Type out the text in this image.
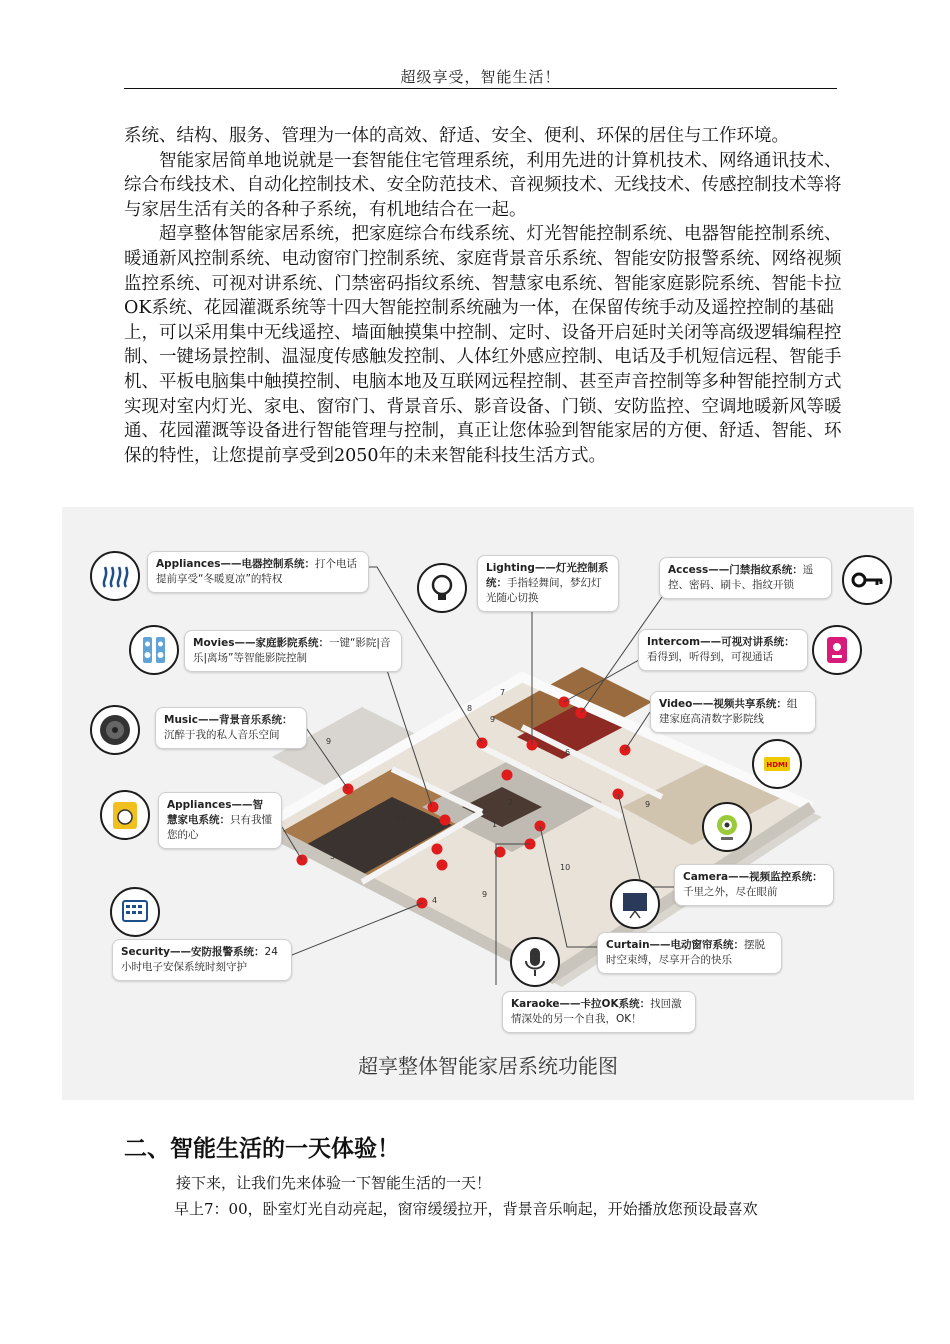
超级享受，智能生活！

系统、结构、服务、管理为一体的高效、舒适、安全、便利、环保的居住与工作环境。

智能家居简单地说就是一套智能住宅管理系统，利用先进的计算机技术、网络通讯技术、综合布线技术、自动化控制技术、安全防范技术、音视频技术、无线技术、传感控制技术等将与家居生活有关的各种子系统，有机地结合在一起。

超享整体智能家居系统，把家庭综合布线系统、灯光智能控制系统、电器智能控制系统、暖通新风控制系统、电动窗帘门控制系统、家庭背景音乐系统、智能安防报警系统、网络视频监控系统、可视对讲系统、门禁密码指纹系统、智慧家电系统、智能家庭影院系统、智能卡拉OK系统、花园灌溉系统等十四大智能控制系统融为一体，在保留传统手动及遥控控制的基础上，可以采用集中无线遥控、墙面触摸集中控制、定时、设备开启延时关闭等高级逻辑编程控制、一键场景控制、温湿度传感触发控制、人体红外感应控制、电话及手机短信远程、智能手机、平板电脑集中触摸控制、电脑本地及互联网远程控制、甚至声音控制等多种智能控制方式实现对室内灯光、家电、窗帘门、背景音乐、影音设备、门锁、安防监控、空调地暖新风等暖通、花园灌溉等设备进行智能管理与控制，真正让您体验到智能家居的方便、舒适、智能、环保的特性，让您提前享受到2050年的未来智能科技生活方式。

7
8
9
9
9
6
2
1
3
11
4
10
9
HDMI
Appliances——电器控制系统：打个电话提前享受“冬暖夏凉”的特权
Movies——家庭影院系统：一键“影院|音乐|离场”等智能影院控制
Music——背景音乐系统：沉醉于我的私人音乐空间
Appliances——智慧家电系统：只有我懂您的心
Security——安防报警系统：24小时电子安保系统时刻守护
Lighting——灯光控制系统：手指轻舞间，梦幻灯光随心切换
Access——门禁指纹系统：遥控、密码、刷卡、指纹开锁
Intercom——可视对讲系统：看得到，听得到，可视通话
Video——视频共享系统：组建家庭高清数字影院线
Camera——视频监控系统：千里之外，尽在眼前
Curtain——电动窗帘系统：摆脱时空束缚，尽享开合的快乐
Karaoke——卡拉OK系统：找回激情深处的另一个自我，OK！
超享整体智能家居系统功能图
二、智能生活的一天体验！

接下来，让我们先来体验一下智能生活的一天！

早上7：00，卧室灯光自动亮起，窗帘缓缓拉开，背景音乐响起，开始播放您预设最喜欢
